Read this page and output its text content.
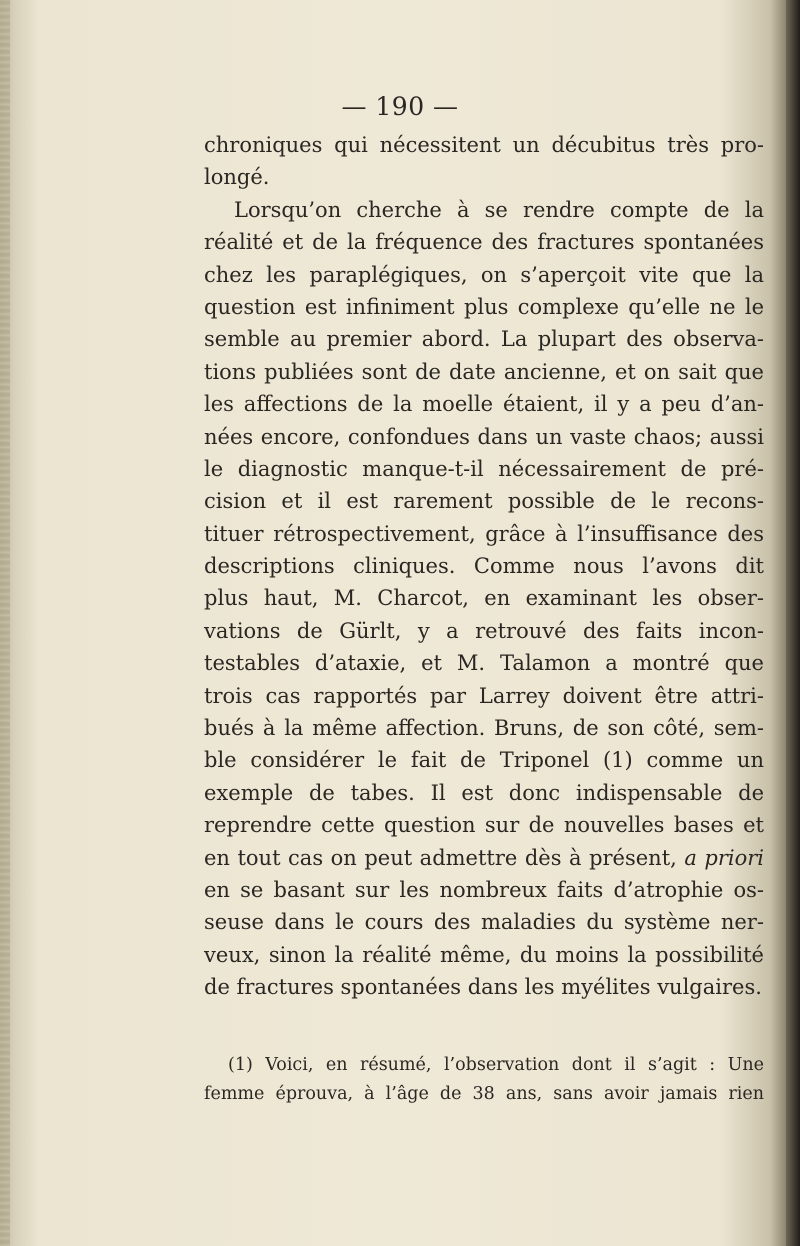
— 190 —
chroniques qui nécessitent un décubitus très pro-
longé.
Lorsqu’on cherche à se rendre compte de la
réalité et de la fréquence des fractures spontanées
chez les paraplégiques, on s’aperçoit vite que la
question est infiniment plus complexe qu’elle ne le
semble au premier abord. La plupart des observa-
tions publiées sont de date ancienne, et on sait que
les affections de la moelle étaient, il y a peu d’an-
nées encore, confondues dans un vaste chaos; aussi
le diagnostic manque-t-il nécessairement de pré-
cision et il est rarement possible de le recons-
tituer rétrospectivement, grâce à l’insuffisance des
descriptions cliniques. Comme nous l’avons dit
plus haut, M. Charcot, en examinant les obser-
vations de Gürlt, y a retrouvé des faits incon-
testables d’ataxie, et M. Talamon a montré que
trois cas rapportés par Larrey doivent être attri-
bués à la même affection. Bruns, de son côté, sem-
ble considérer le fait de Triponel (1) comme un
exemple de tabes. Il est donc indispensable de
reprendre cette question sur de nouvelles bases et
en tout cas on peut admettre dès à présent, a priori
en se basant sur les nombreux faits d’atrophie os-
seuse dans le cours des maladies du système ner-
veux, sinon la réalité même, du moins la possibilité
de fractures spontanées dans les myélites vulgaires.
(1) Voici, en résumé, l’observation dont il s’agit : Une
femme éprouva, à l’âge de 38 ans, sans avoir jamais rien
